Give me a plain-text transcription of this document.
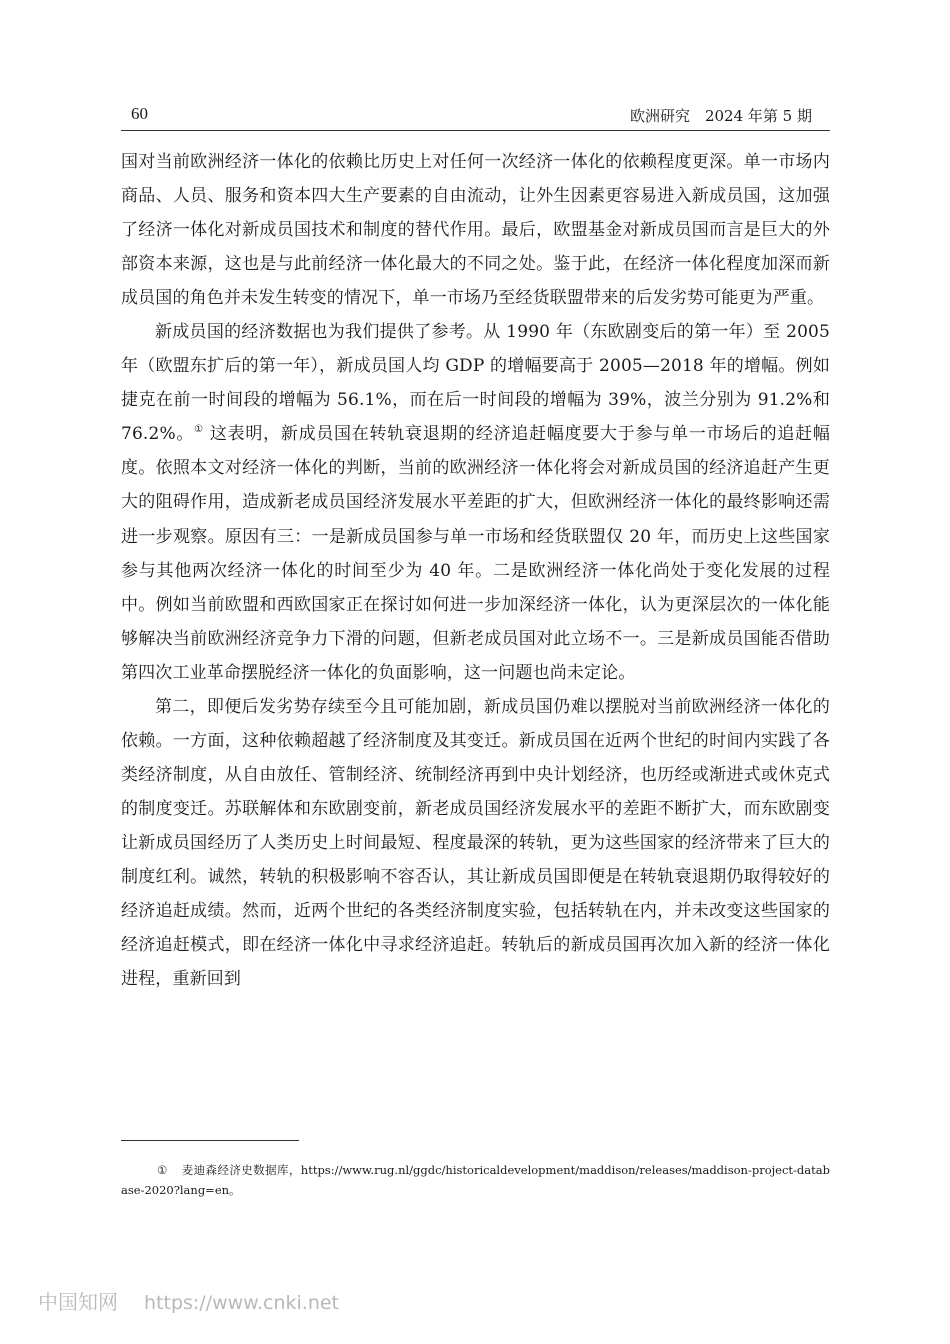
60	欧洲研究　2024 年第 5 期

国对当前欧洲经济一体化的依赖比历史上对任何一次经济一体化的依赖程度更深。单一市场内商品、人员、服务和资本四大生产要素的自由流动，让外生因素更容易进入新成员国，这加强了经济一体化对新成员国技术和制度的替代作用。最后，欧盟基金对新成员国而言是巨大的外部资本来源，这也是与此前经济一体化最大的不同之处。鉴于此，在经济一体化程度加深而新成员国的角色并未发生转变的情况下，单一市场乃至经货联盟带来的后发劣势可能更为严重。

新成员国的经济数据也为我们提供了参考。从 1990 年（东欧剧变后的第一年）至 2005 年（欧盟东扩后的第一年），新成员国人均 GDP 的增幅要高于 2005—2018 年的增幅。例如捷克在前一时间段的增幅为 56.1%，而在后一时间段的增幅为 39%，波兰分别为 91.2%和 76.2%。① 这表明，新成员国在转轨衰退期的经济追赶幅度要大于参与单一市场后的追赶幅度。依照本文对经济一体化的判断，当前的欧洲经济一体化将会对新成员国的经济追赶产生更大的阻碍作用，造成新老成员国经济发展水平差距的扩大，但欧洲经济一体化的最终影响还需进一步观察。原因有三：一是新成员国参与单一市场和经货联盟仅 20 年，而历史上这些国家参与其他两次经济一体化的时间至少为 40 年。二是欧洲经济一体化尚处于变化发展的过程中。例如当前欧盟和西欧国家正在探讨如何进一步加深经济一体化，认为更深层次的一体化能够解决当前欧洲经济竞争力下滑的问题，但新老成员国对此立场不一。三是新成员国能否借助第四次工业革命摆脱经济一体化的负面影响，这一问题也尚未定论。

第二，即便后发劣势存续至今且可能加剧，新成员国仍难以摆脱对当前欧洲经济一体化的依赖。一方面，这种依赖超越了经济制度及其变迁。新成员国在近两个世纪的时间内实践了各类经济制度，从自由放任、管制经济、统制经济再到中央计划经济，也历经或渐进式或休克式的制度变迁。苏联解体和东欧剧变前，新老成员国经济发展水平的差距不断扩大，而东欧剧变让新成员国经历了人类历史上时间最短、程度最深的转轨，更为这些国家的经济带来了巨大的制度红利。诚然，转轨的积极影响不容否认，其让新成员国即便是在转轨衰退期仍取得较好的经济追赶成绩。然而，近两个世纪的各类经济制度实验，包括转轨在内，并未改变这些国家的经济追赶模式，即在经济一体化中寻求经济追赶。转轨后的新成员国再次加入新的经济一体化进程，重新回到

① 麦迪森经济史数据库，https://www.rug.nl/ggdc/historicaldevelopment/maddison/releases/maddison-project-database-2020?lang=en。
中国知网 https://www.cnki.net
